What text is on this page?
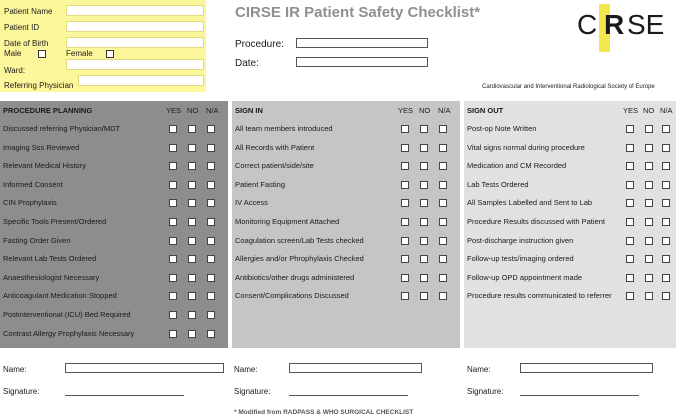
Patient Name
Patient ID
Date of Birth
Male	Female
Ward:
Referring Physician
CIRSE IR Patient Safety Checklist*
Procedure:
Date:
C R SE
Cardiovascular and Interventional Radiological Society of Europe
PROCEDURE PLANNING	YES NO N/A
Discussed referring Physician/MDT
Imaging Sss Reviewed
Relevant Medical History
Informed Consent
CIN Prophylaxis
Specific Tools Present/Ordered
Fasting Order Given
Relevant Lab Tests Ordered
Anaesthesiologist Necessary
Anticoagulant Medication Stopped
Postinterventional (ICU) Bed Required
Contrast Allergy Prophylaxis Necessary
SIGN IN	YES NO N/A
All team members introduced
All Records with Patient
Correct patient/side/site
Patient Fasting
IV Access
Monitoring Equipment Attached
Coagulation screen/Lab Tests checked
Allergies and/or Phrophylaxis Checked
Antibiotics/other drugs administered
Consent/Complications Discussed
SIGN OUT	YES NO N/A
Post-op Note Written
Vital signs normal during procedure
Medication and CM Recorded
Lab Tests Ordered
All Samples Labelled and Sent to Lab
Procedure Results discussed with Patient
Post-discharge instruction given
Follow-up tests/imaging ordered
Follow-up OPD appointment made
Procedure results communicated to referrer
Name:
Signature:
Name:
Signature:
Name:
Signature:
* Modified from RADPASS & WHO SURGICAL CHECKLIST
